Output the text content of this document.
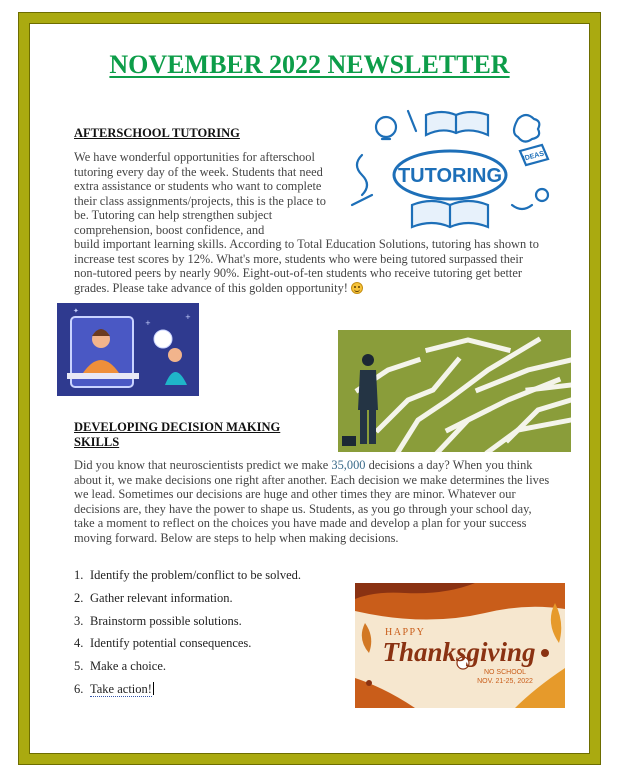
NOVEMBER 2022 NEWSLETTER
AFTERSCHOOL TUTORING
We have wonderful opportunities for afterschool tutoring every day of the week. Students that need extra assistance or students who want to complete their class assignments/projects, this is the place to be. Tutoring can help strengthen subject comprehension, boost confidence, and
build important learning skills. According to Total Education Solutions, tutoring has shown to increase test scores by 12%. What's more, students who were being tutored surpassed their non-tutored peers by nearly 90%. Eight-out-of-ten students who receive tutoring get better grades. Please take advance of this golden opportunity!
TUTORING
IDEAS
✦
+
+
DEVELOPING DECISION MAKING
SKILLS
Did you know that neuroscientists predict we make 35,000 decisions a day? When you think about it, we make decisions one right after another. Each decision we make determines the lives we lead. Sometimes our decisions are huge and other times they are minor. Whatever our decisions are, they have the power to shape us. Students, as you go through your school day, take a moment to reflect on the choices you have made and develop a plan for your success moving forward. Below are steps to help when making decisions.
1. Identify the problem/conflict to be solved.
2. Gather relevant information.
3. Brainstorm possible solutions.
4. Identify potential consequences.
5. Make a choice.
6. Take action!
HAPPY
Thanksgiving
NO SCHOOL
NOV. 21-25, 2022
